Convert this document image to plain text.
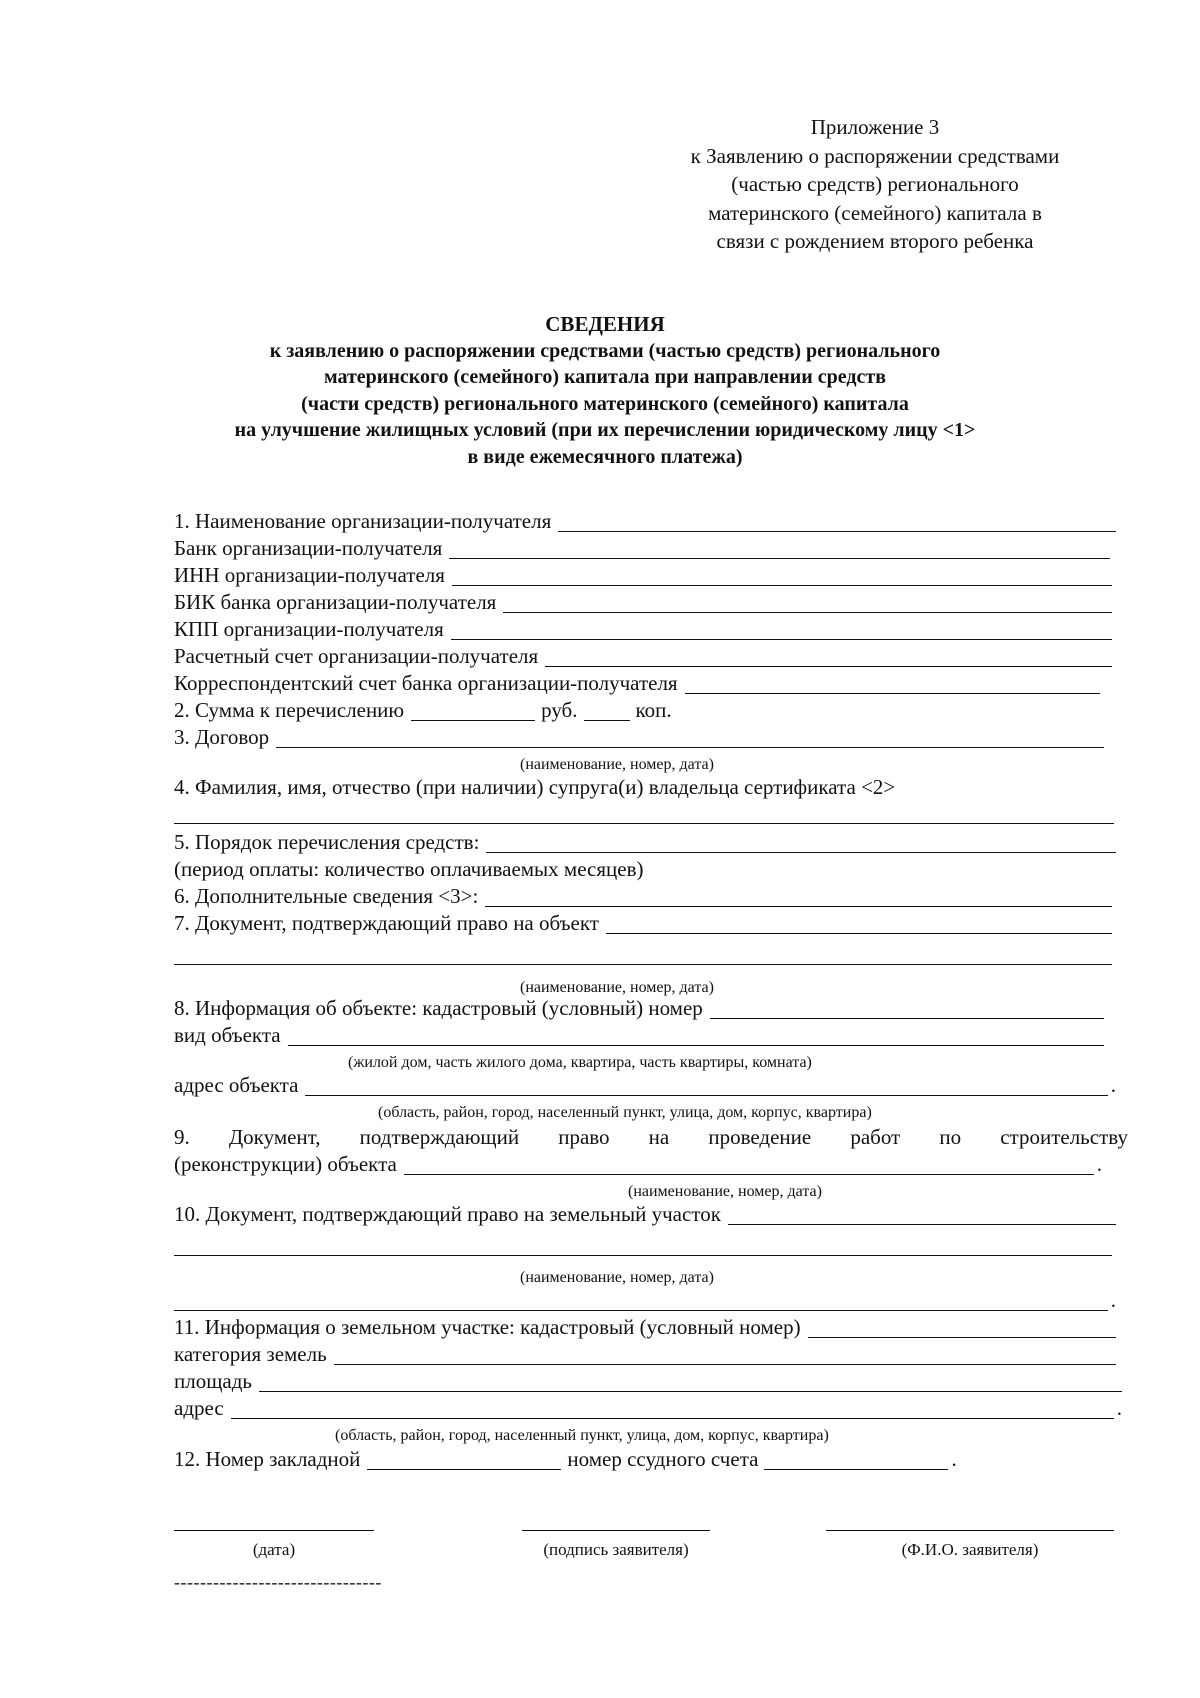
Приложение 3
к Заявлению о распоряжении средствами
(частью средств) регионального
материнского (семейного) капитала в
связи с рождением второго ребенка
СВЕДЕНИЯ
к заявлению о распоряжении средствами (частью средств) регионального
материнского (семейного) капитала при направлении средств
(части средств) регионального материнского (семейного) капитала
на улучшение жилищных условий (при их перечислении юридическому лицу <1>
в виде ежемесячного платежа)
1. Наименование организации-получателя
Банк организации-получателя
ИНН организации-получателя
БИК банка организации-получателя
КПП организации-получателя
Расчетный счет организации-получателя
Корреспондентский счет банка организации-получателя
2. Сумма к перечислению	руб.	коп.
3. Договор
(наименование, номер, дата)
4. Фамилия, имя, отчество (при наличии) супруга(и) владельца сертификата <2>
5. Порядок перечисления средств:
(период оплаты: количество оплачиваемых месяцев)
6. Дополнительные сведения <3>:
7. Документ, подтверждающий право на объект
(наименование, номер, дата)
8. Информация об объекте: кадастровый (условный) номер
вид объекта
(жилой дом, часть жилого дома, квартира, часть квартиры, комната)
адрес объекта	.
(область, район, город, населенный пункт, улица, дом, корпус, квартира)
9. Документ, подтверждающий право на проведение работ по строительству
(реконструкции) объекта	.
(наименование, номер, дата)
10. Документ, подтверждающий право на земельный участок
(наименование, номер, дата)
.
11. Информация о земельном участке: кадастровый (условный номер)
категория земель
площадь
адрес	.
(область, район, город, населенный пункт, улица, дом, корпус, квартира)
12. Номер закладной	номер ссудного счета	.
(дата)	(подпись заявителя)	(Ф.И.О. заявителя)
--------------------------------
